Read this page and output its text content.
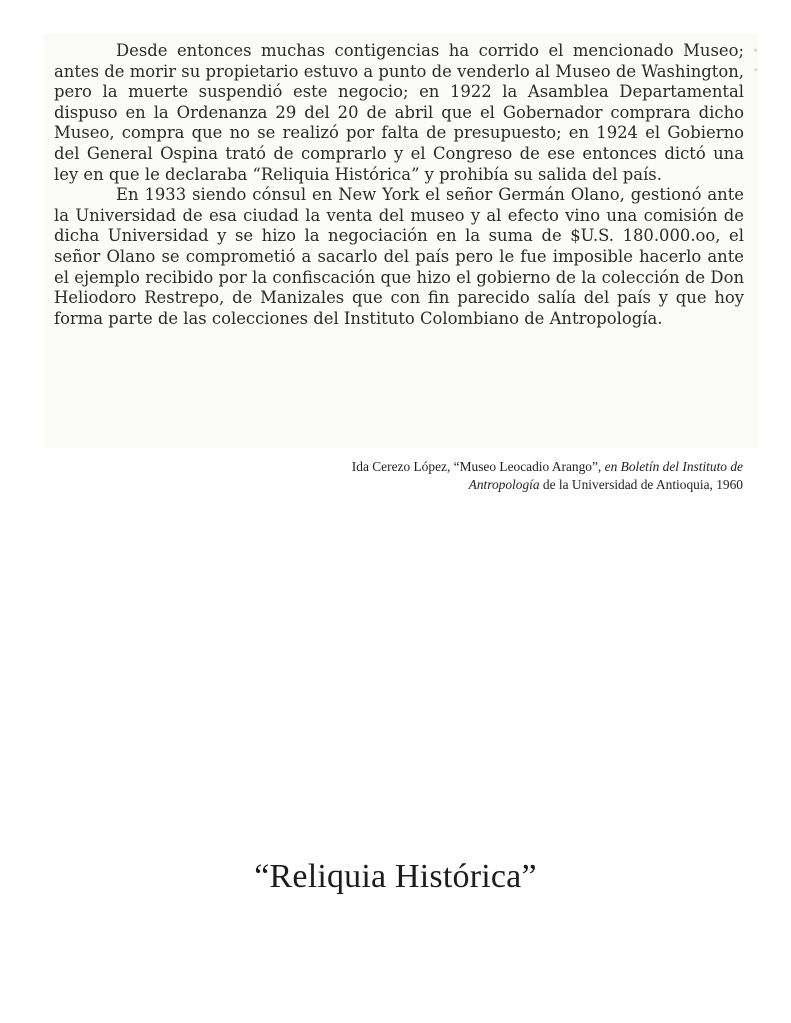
•
•

Desde entonces muchas contigencias ha corrido el mencionado Museo; antes de morir su propietario estuvo a punto de venderlo al Museo de Washington, pero la muerte suspendió este negocio; en 1922 la Asamblea Departamental dispuso en la Ordenanza 29 del 20 de abril que el Gobernador comprara dicho Museo, compra que no se realizó por falta de presupuesto; en 1924 el Gobierno del General Ospina trató de comprarlo y el Congreso de ese entonces dictó una ley en que le declaraba “Reliquia Histórica” y prohibía su salida del país.

En 1933 siendo cónsul en New York el señor Germán Olano, gestionó ante la Universidad de esa ciudad la venta del museo y al efecto vino una comisión de dicha Universidad y se hizo la negociación en la suma de $U.S. 180.000.oo, el señor Olano se comprometió a sacarlo del país pero le fue imposible hacerlo ante el ejemplo recibido por la confiscación que hizo el gobierno de la colección de Don Heliodoro Restrepo, de Manizales que con fin parecido salía del país y que hoy forma parte de las colecciones del Instituto Colombiano de Antropología.

Ida Cerezo López, “Museo Leocadio Arango”, en Boletín del Instituto de Antropología de la Universidad de Antioquia, 1960
“Reliquia Histórica”
